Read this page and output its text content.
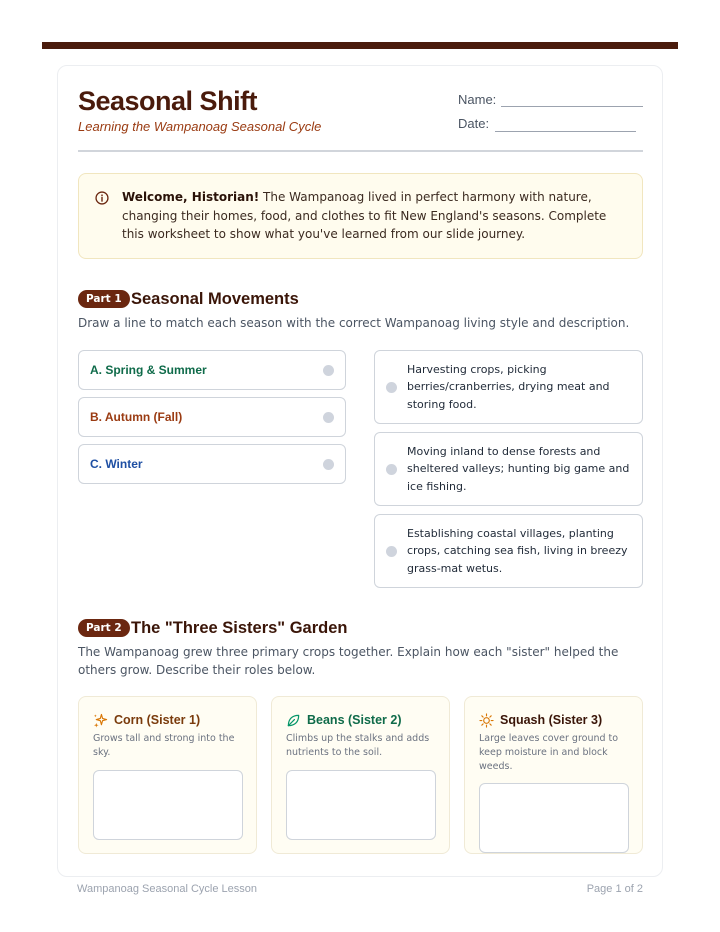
Seasonal Shift
Learning the Wampanoag Seasonal Cycle
Name:
Date:
Welcome, Historian! The Wampanoag lived in perfect harmony with nature, changing their homes, food, and clothes to fit New England's seasons. Complete this worksheet to show what you've learned from our slide journey.
Part 1 Seasonal Movements
Draw a line to match each season with the correct Wampanoag living style and description.
A. Spring & Summer
B. Autumn (Fall)
C. Winter
Harvesting crops, picking berries/cranberries, drying meat and storing food.
Moving inland to dense forests and sheltered valleys; hunting big game and ice fishing.
Establishing coastal villages, planting crops, catching sea fish, living in breezy grass-mat wetus.
Part 2 The "Three Sisters" Garden
The Wampanoag grew three primary crops together. Explain how each "sister" helped the others grow. Describe their roles below.
Corn (Sister 1)
Grows tall and strong into the sky.
Beans (Sister 2)
Climbs up the stalks and adds nutrients to the soil.
Squash (Sister 3)
Large leaves cover ground to keep moisture in and block weeds.
Wampanoag Seasonal Cycle Lesson	Page 1 of 2
